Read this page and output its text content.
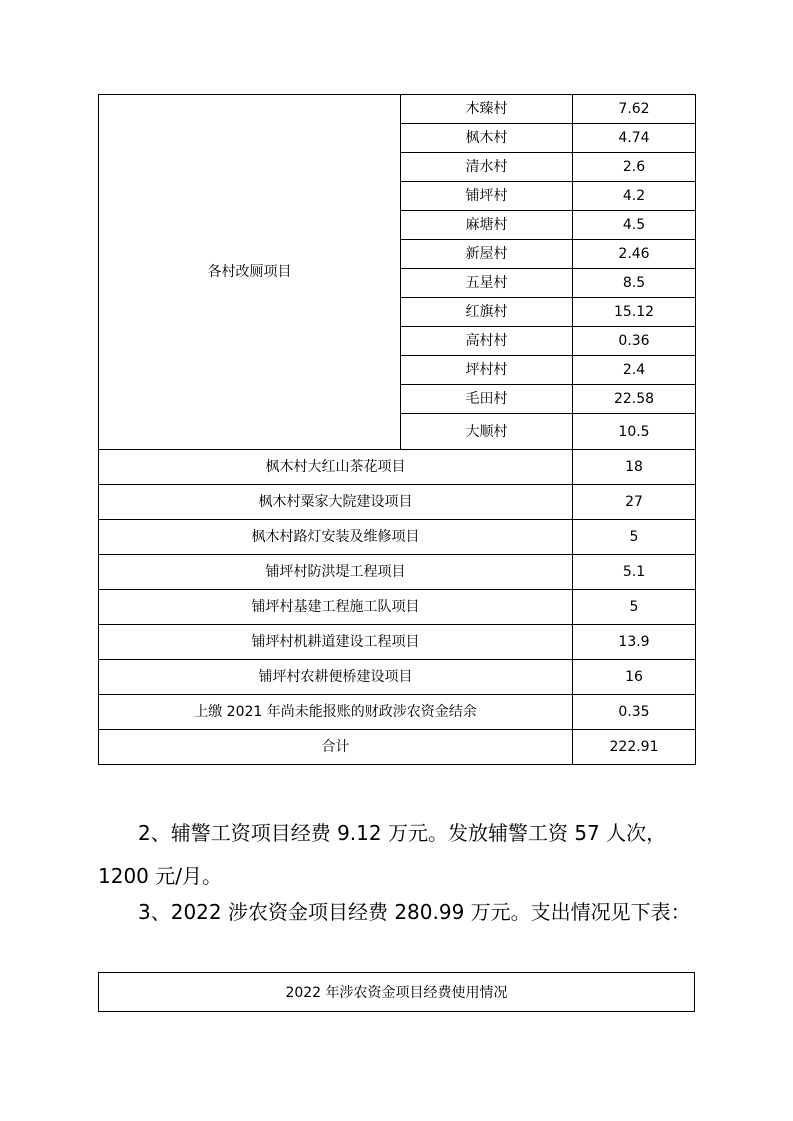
各村改厕项目	木臻村	7.62
	枫木村	4.74
	清水村	2.6
	铺坪村	4.2
	麻塘村	4.5
	新屋村	2.46
	五星村	8.5
	红旗村	15.12
	高村村	0.36
	坪村村	2.4
	毛田村	22.58
	大顺村	10.5
枫木村大红山茶花项目		18
枫木村粟家大院建设项目		27
枫木村路灯安装及维修项目		5
铺坪村防洪堤工程项目		5.1
铺坪村基建工程施工队项目		5
铺坪村机耕道建设工程项目		13.9
铺坪村农耕便桥建设项目		16
上缴 2021 年尚未能报账的财政涉农资金结余		0.35
合计		222.91

2、辅警工资项目经费 9.12 万元。发放辅警工资 57 人次，1200 元/月。

3、2022 涉农资金项目经费 280.99 万元。支出情况见下表：

2022 年涉农资金项目经费使用情况
